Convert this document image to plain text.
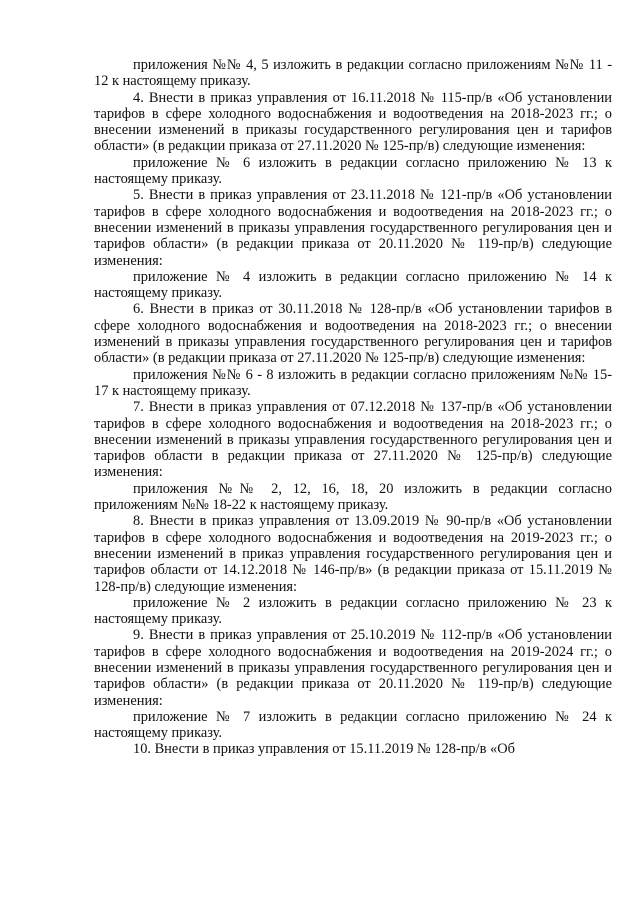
приложения №№ 4, 5 изложить в редакции согласно приложениям №№ 11 - 12 к настоящему приказу.

4. Внести в приказ управления от 16.11.2018 № 115-пр/в «Об установлении тарифов в сфере холодного водоснабжения и водоотведения на 2018-2023 гг.; о внесении изменений в приказы государственного регулирования цен и тарифов области» (в редакции приказа от 27.11.2020 № 125-пр/в) следующие изменения:

приложение № 6 изложить в редакции согласно приложению № 13 к настоящему приказу.

5. Внести в приказ управления от 23.11.2018 № 121-пр/в «Об установлении тарифов в сфере холодного водоснабжения и водоотведения на 2018-2023 гг.; о внесении изменений в приказы управления государственного регулирования цен и тарифов области» (в редакции приказа от 20.11.2020 № 119-пр/в) следующие изменения:

приложение № 4 изложить в редакции согласно приложению № 14 к настоящему приказу.

6. Внести в приказ от 30.11.2018 № 128-пр/в «Об установлении тарифов в сфере холодного водоснабжения и водоотведения на 2018-2023 гг.; о внесении изменений в приказы управления государственного регулирования цен и тарифов области» (в редакции приказа от 27.11.2020 № 125-пр/в) следующие изменения:

приложения №№ 6 - 8 изложить в редакции согласно приложениям №№ 15-17 к настоящему приказу.

7. Внести в приказ управления от 07.12.2018 № 137-пр/в «Об установлении тарифов в сфере холодного водоснабжения и водоотведения на 2018-2023 гг.; о внесении изменений в приказы управления государственного регулирования цен и тарифов области в редакции приказа от 27.11.2020 № 125-пр/в) следующие изменения:

приложения №№ 2, 12, 16, 18, 20 изложить в редакции согласно приложениям №№ 18-22 к настоящему приказу.

8. Внести в приказ управления от 13.09.2019 № 90-пр/в «Об установлении тарифов в сфере холодного водоснабжения и водоотведения на 2019-2023 гг.; о внесении изменений в приказ управления государственного регулирования цен и тарифов области от 14.12.2018 № 146-пр/в» (в редакции приказа от 15.11.2019 № 128-пр/в) следующие изменения:

приложение № 2 изложить в редакции согласно приложению № 23 к настоящему приказу.

9. Внести в приказ управления от 25.10.2019 № 112-пр/в «Об установлении тарифов в сфере холодного водоснабжения и водоотведения на 2019-2024 гг.; о внесении изменений в приказы управления государственного регулирования цен и тарифов области» (в редакции приказа от 20.11.2020 № 119-пр/в) следующие изменения:

приложение № 7 изложить в редакции согласно приложению № 24 к настоящему приказу.

10. Внести в приказ управления от 15.11.2019 № 128-пр/в «Об
